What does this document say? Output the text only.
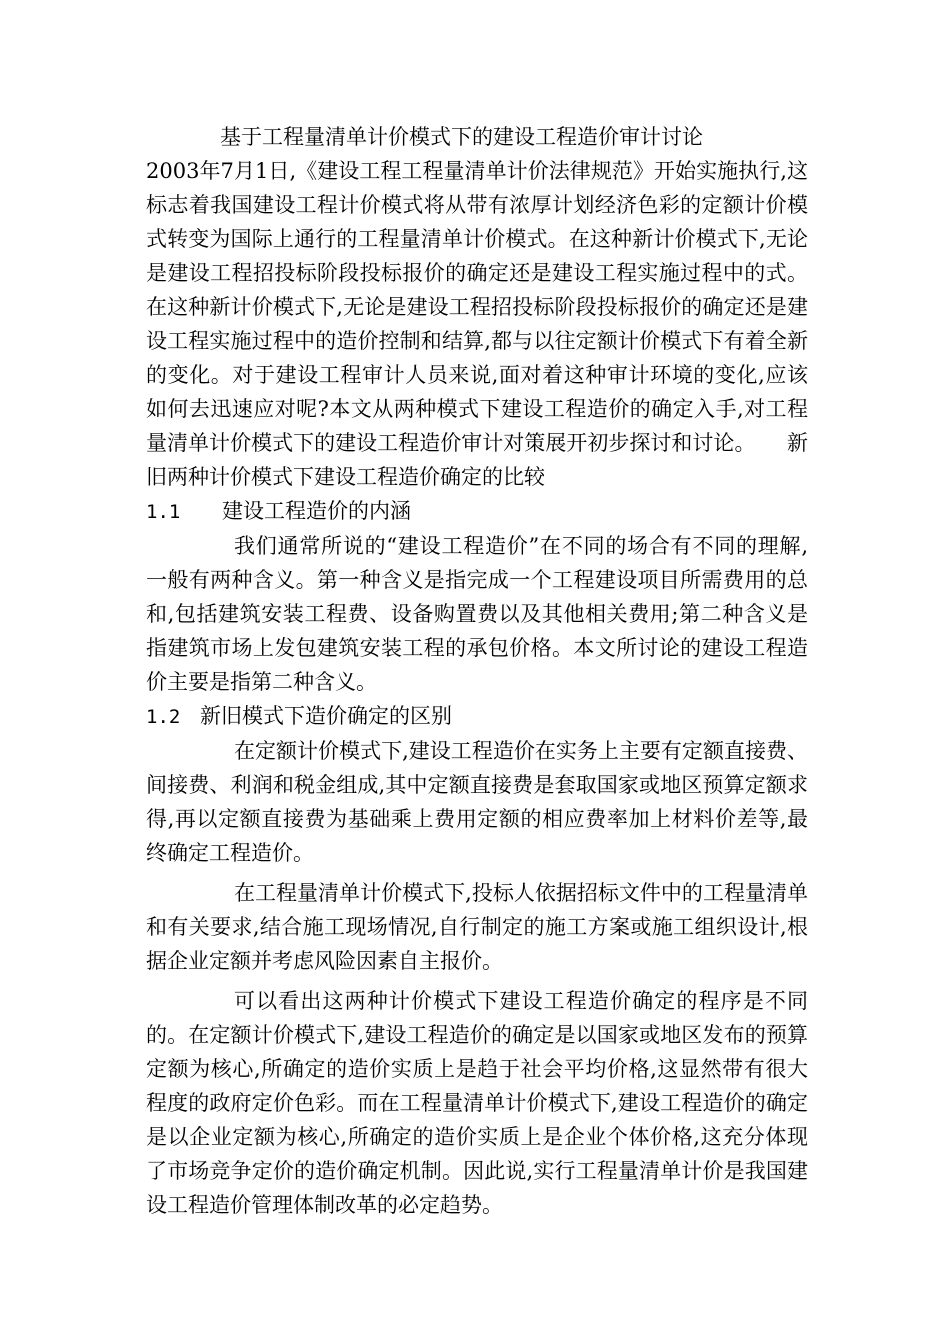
基于工程量清单计价模式下的建设工程造价审计讨论

2003年7月1日,《建设工程工程量清单计价法律规范》开始实施执行,这标志着我国建设工程计价模式将从带有浓厚计划经济色彩的定额计价模式转变为国际上通行的工程量清单计价模式。在这种新计价模式下,无论是建设工程招投标阶段投标报价的确定还是建设工程实施过程中的式。在这种新计价模式下,无论是建设工程招投标阶段投标报价的确定还是建设工程实施过程中的造价控制和结算,都与以往定额计价模式下有着全新的变化。对于建设工程审计人员来说,面对着这种审计环境的变化,应该如何去迅速应对呢?本文从两种模式下建设工程造价的确定入手,对工程量清单计价模式下的建设工程造价审计对策展开初步探讨和讨论。　　新旧两种计价模式下建设工程造价确定的比较

1.1 建设工程造价的内涵

我们通常所说的“建设工程造价”在不同的场合有不同的理解,一般有两种含义。第一种含义是指完成一个工程建设项目所需费用的总和,包括建筑安装工程费、设备购置费以及其他相关费用;第二种含义是指建筑市场上发包建筑安装工程的承包价格。本文所讨论的建设工程造价主要是指第二种含义。

1.2 新旧模式下造价确定的区别

在定额计价模式下,建设工程造价在实务上主要有定额直接费、间接费、利润和税金组成,其中定额直接费是套取国家或地区预算定额求得,再以定额直接费为基础乘上费用定额的相应费率加上材料价差等,最终确定工程造价。

在工程量清单计价模式下,投标人依据招标文件中的工程量清单和有关要求,结合施工现场情况,自行制定的施工方案或施工组织设计,根据企业定额并考虑风险因素自主报价。

可以看出这两种计价模式下建设工程造价确定的程序是不同的。在定额计价模式下,建设工程造价的确定是以国家或地区发布的预算定额为核心,所确定的造价实质上是趋于社会平均价格,这显然带有很大程度的政府定价色彩。而在工程量清单计价模式下,建设工程造价的确定是以企业定额为核心,所确定的造价实质上是企业个体价格,这充分体现了市场竞争定价的造价确定机制。因此说,实行工程量清单计价是我国建设工程造价管理体制改革的必定趋势。
